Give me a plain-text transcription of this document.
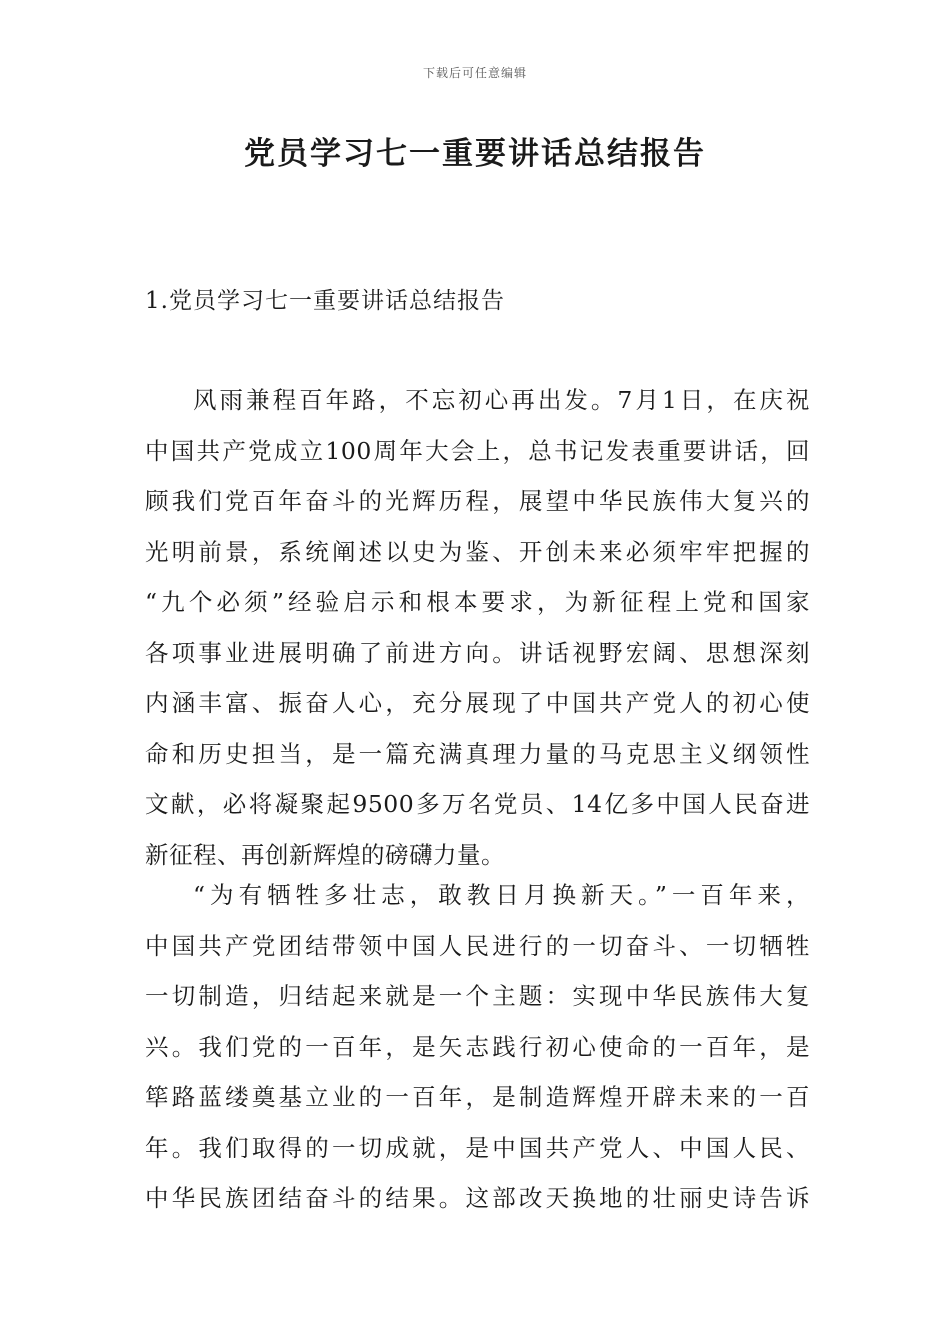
下载后可任意编辑
党员学习七一重要讲话总结报告
1.党员学习七一重要讲话总结报告
风雨兼程百年路，不忘初心再出发。7月1日，在庆祝
中国共产党成立100周年大会上，总书记发表重要讲话，回
顾我们党百年奋斗的光辉历程，展望中华民族伟大复兴的
光明前景，系统阐述以史为鉴、开创未来必须牢牢把握的
“九个必须”经验启示和根本要求，为新征程上党和国家
各项事业进展明确了前进方向。讲话视野宏阔、思想深刻
内涵丰富、振奋人心，充分展现了中国共产党人的初心使
命和历史担当，是一篇充满真理力量的马克思主义纲领性
文献，必将凝聚起9500多万名党员、14亿多中国人民奋进
新征程、再创新辉煌的磅礴力量。
“为有牺牲多壮志，敢教日月换新天。”一百年来，
中国共产党团结带领中国人民进行的一切奋斗、一切牺牲
一切制造，归结起来就是一个主题：实现中华民族伟大复
兴。我们党的一百年，是矢志践行初心使命的一百年，是
筚路蓝缕奠基立业的一百年，是制造辉煌开辟未来的一百
年。我们取得的一切成就，是中国共产党人、中国人民、
中华民族团结奋斗的结果。这部改天换地的壮丽史诗告诉
